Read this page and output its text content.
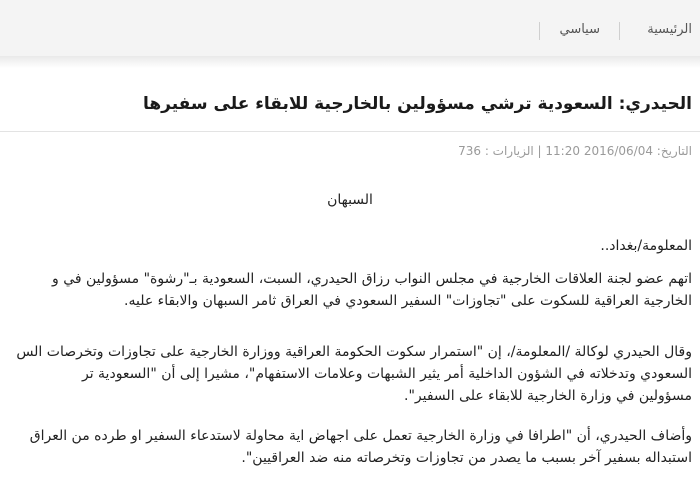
الرئيسية
سياسي
الحيدري: السعودية ترشي مسؤولين بالخارجية للابقاء على سفيرها
التاريخ: 2016/06/04 11:20 | الزيارات : 736
السبهان
المعلومة/بغداد..
اتهم عضو لجنة العلاقات الخارجية في مجلس النواب رزاق الحيدري، السبت، السعودية بـ"رشوة" مسؤولين في و
الخارجية العراقية للسكوت على "تجاوزات" السفير السعودي في العراق ثامر السبهان والابقاء عليه.
وقال الحيدري لوكالة /المعلومة/، إن "استمرار سكوت الحكومة العراقية ووزارة الخارجية على تجاوزات وتخرصات الس
السعودي وتدخلاته في الشؤون الداخلية أمر يثير الشبهات وعلامات الاستفهام"، مشيرا إلى أن "السعودية تر
مسؤولين في وزارة الخارجية للابقاء على السفير".
وأضاف الحيدري، أن "اطرافا في وزارة الخارجية تعمل على اجهاض اية محاولة لاستدعاء السفير او طرده من العراق
استبداله بسفير آخر بسبب ما يصدر من تجاوزات وتخرصاته منه ضد العراقيين".
